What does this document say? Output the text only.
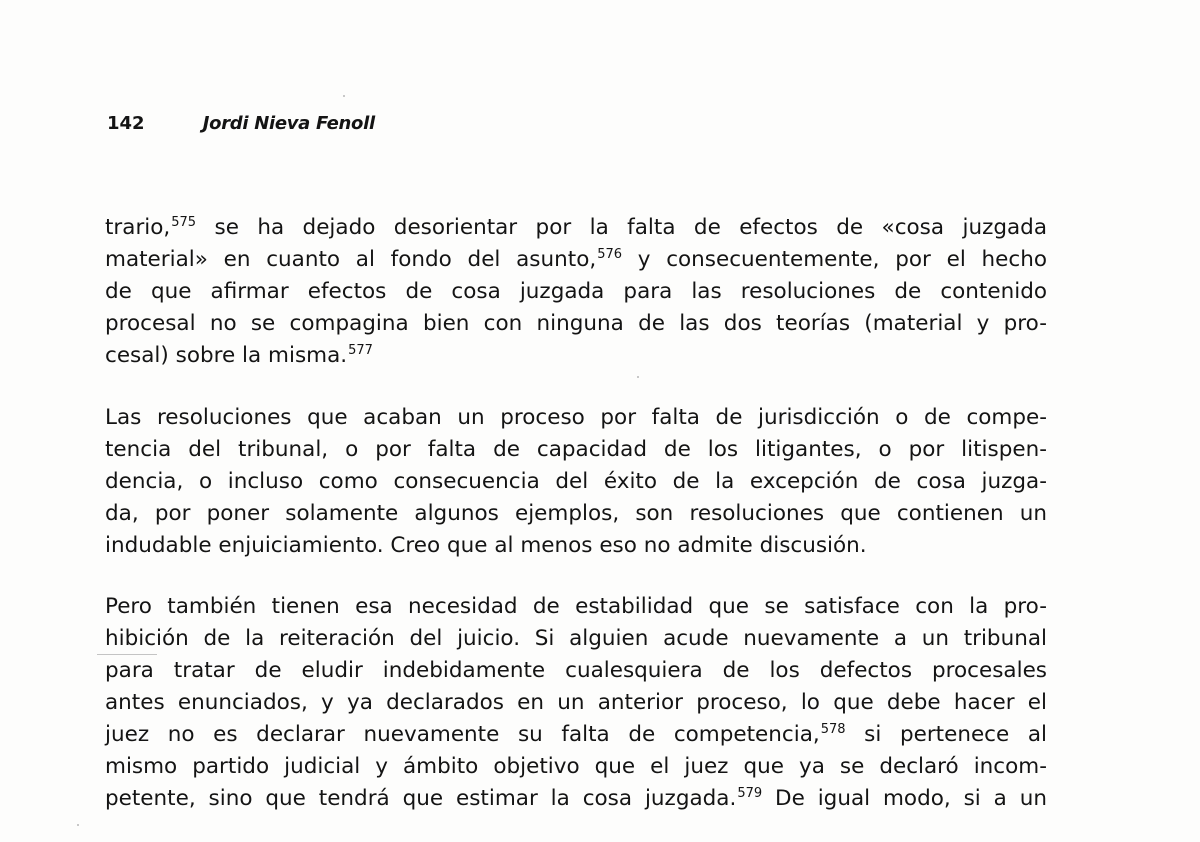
142	Jordi Nieva Fenoll
trario,$^{575}$ se ha dejado desorientar por la falta de efectos de «cosa juzgada
material» en cuanto al fondo del asunto,$^{576}$ y consecuentemente, por el hecho
de que afirmar efectos de cosa juzgada para las resoluciones de contenido
procesal no se compagina bien con ninguna de las dos teorías (material y pro-
cesal) sobre la misma.$^{577}$
Las resoluciones que acaban un proceso por falta de jurisdicción o de compe-
tencia del tribunal, o por falta de capacidad de los litigantes, o por litispen-
dencia, o incluso como consecuencia del éxito de la excepción de cosa juzga-
da, por poner solamente algunos ejemplos, son resoluciones que contienen un
indudable enjuiciamiento. Creo que al menos eso no admite discusión.
Pero también tienen esa necesidad de estabilidad que se satisface con la pro-
hibición de la reiteración del juicio. Si alguien acude nuevamente a un tribunal
para tratar de eludir indebidamente cualesquiera de los defectos procesales
antes enunciados, y ya declarados en un anterior proceso, lo que debe hacer el
juez no es declarar nuevamente su falta de competencia,$^{578}$ si pertenece al
mismo partido judicial y ámbito objetivo que el juez que ya se declaró incom-
petente, sino que tendrá que estimar la cosa juzgada.$^{579}$ De igual modo, si a un
